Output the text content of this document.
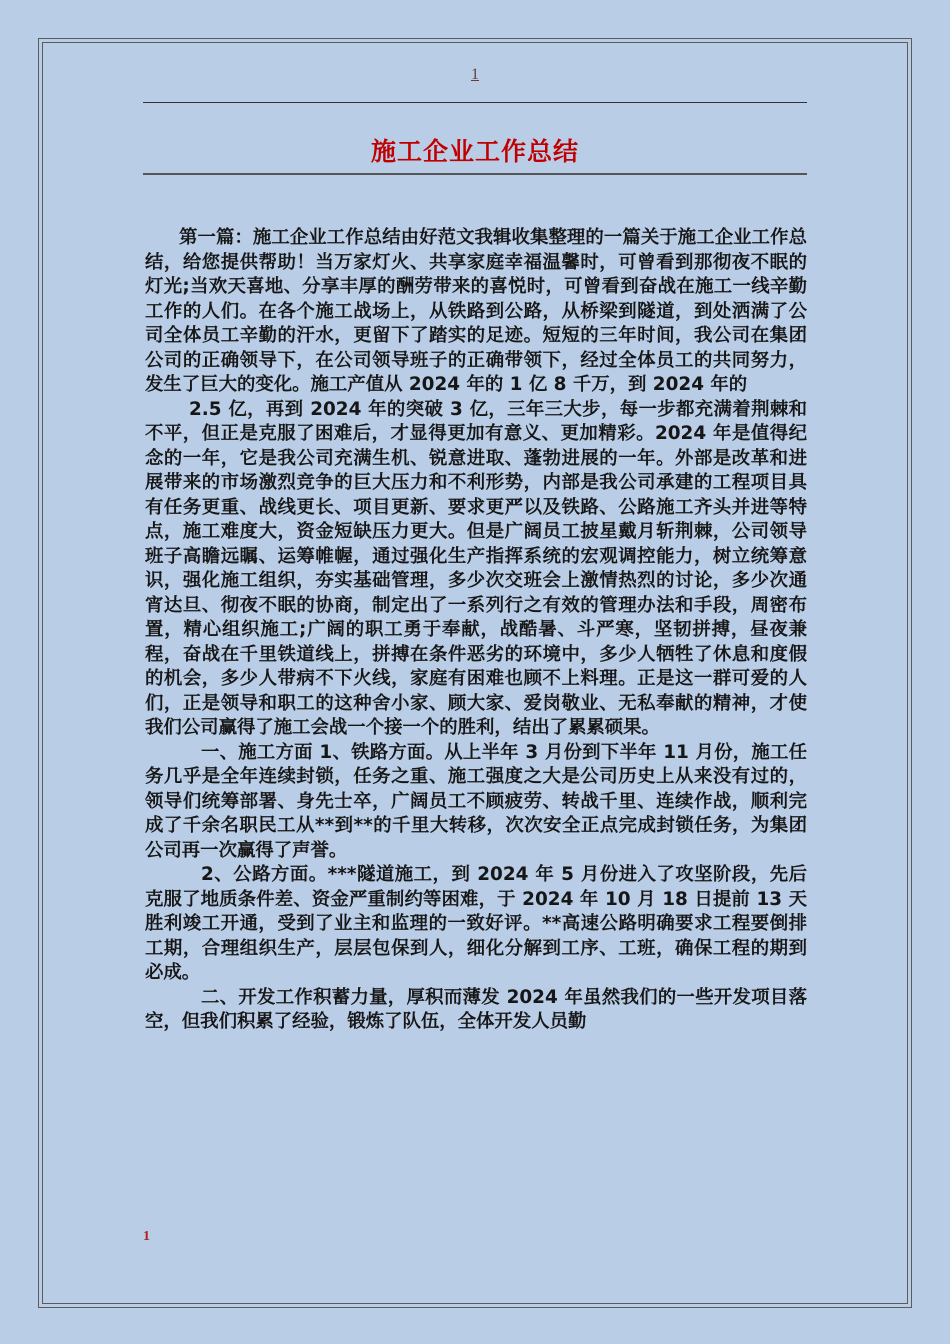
1
施工企业工作总结

第一篇：施工企业工作总结由好范文我辑收集整理的一篇关于施工企业工作总结，给您提供帮助！当万家灯火、共享家庭幸福温馨时，可曾看到那彻夜不眠的灯光;当欢天喜地、分享丰厚的酬劳带来的喜悦时，可曾看到奋战在施工一线辛勤工作的人们。在各个施工战场上，从铁路到公路，从桥梁到隧道，到处洒满了公司全体员工辛勤的汗水，更留下了踏实的足迹。短短的三年时间，我公司在集团公司的正确领导下，在公司领导班子的正确带领下，经过全体员工的共同努力，发生了巨大的变化。施工产值从 2024 年的 1 亿 8 千万，到 2024 年的

2.5 亿，再到 2024 年的突破 3 亿，三年三大步，每一步都充满着荆棘和不平，但正是克服了困难后，才显得更加有意义、更加精彩。2024 年是值得纪念的一年，它是我公司充满生机、锐意进取、蓬勃进展的一年。外部是改革和进展带来的市场激烈竞争的巨大压力和不利形势，内部是我公司承建的工程项目具有任务更重、战线更长、项目更新、要求更严以及铁路、公路施工齐头并进等特点，施工难度大，资金短缺压力更大。但是广阔员工披星戴月斩荆棘，公司领导班子高瞻远瞩、运筹帷幄，通过强化生产指挥系统的宏观调控能力，树立统筹意识，强化施工组织，夯实基础管理，多少次交班会上激情热烈的讨论，多少次通宵达旦、彻夜不眠的协商，制定出了一系列行之有效的管理办法和手段，周密布置，精心组织施工;广阔的职工勇于奉献，战酷暑、斗严寒，坚韧拼搏，昼夜兼程，奋战在千里铁道线上，拼搏在条件恶劣的环境中，多少人牺牲了休息和度假的机会，多少人带病不下火线，家庭有困难也顾不上料理。正是这一群可爱的人们，正是领导和职工的这种舍小家、顾大家、爱岗敬业、无私奉献的精神，才使我们公司赢得了施工会战一个接一个的胜利，结出了累累硕果。

一、施工方面 1、铁路方面。从上半年 3 月份到下半年 11 月份，施工任务几乎是全年连续封锁，任务之重、施工强度之大是公司历史上从来没有过的，领导们统筹部署、身先士卒，广阔员工不顾疲劳、转战千里、连续作战，顺利完成了千余名职民工从**到**的千里大转移，次次安全正点完成封锁任务，为集团公司再一次赢得了声誉。

2、公路方面。***隧道施工，到 2024 年 5 月份进入了攻坚阶段，先后克服了地质条件差、资金严重制约等困难，于 2024 年 10 月 18 日提前 13 天胜利竣工开通，受到了业主和监理的一致好评。**高速公路明确要求工程要倒排工期，合理组织生产，层层包保到人，细化分解到工序、工班，确保工程的期到必成。

二、开发工作积蓄力量，厚积而薄发 2024 年虽然我们的一些开发项目落空，但我们积累了经验，锻炼了队伍，全体开发人员勤

1
